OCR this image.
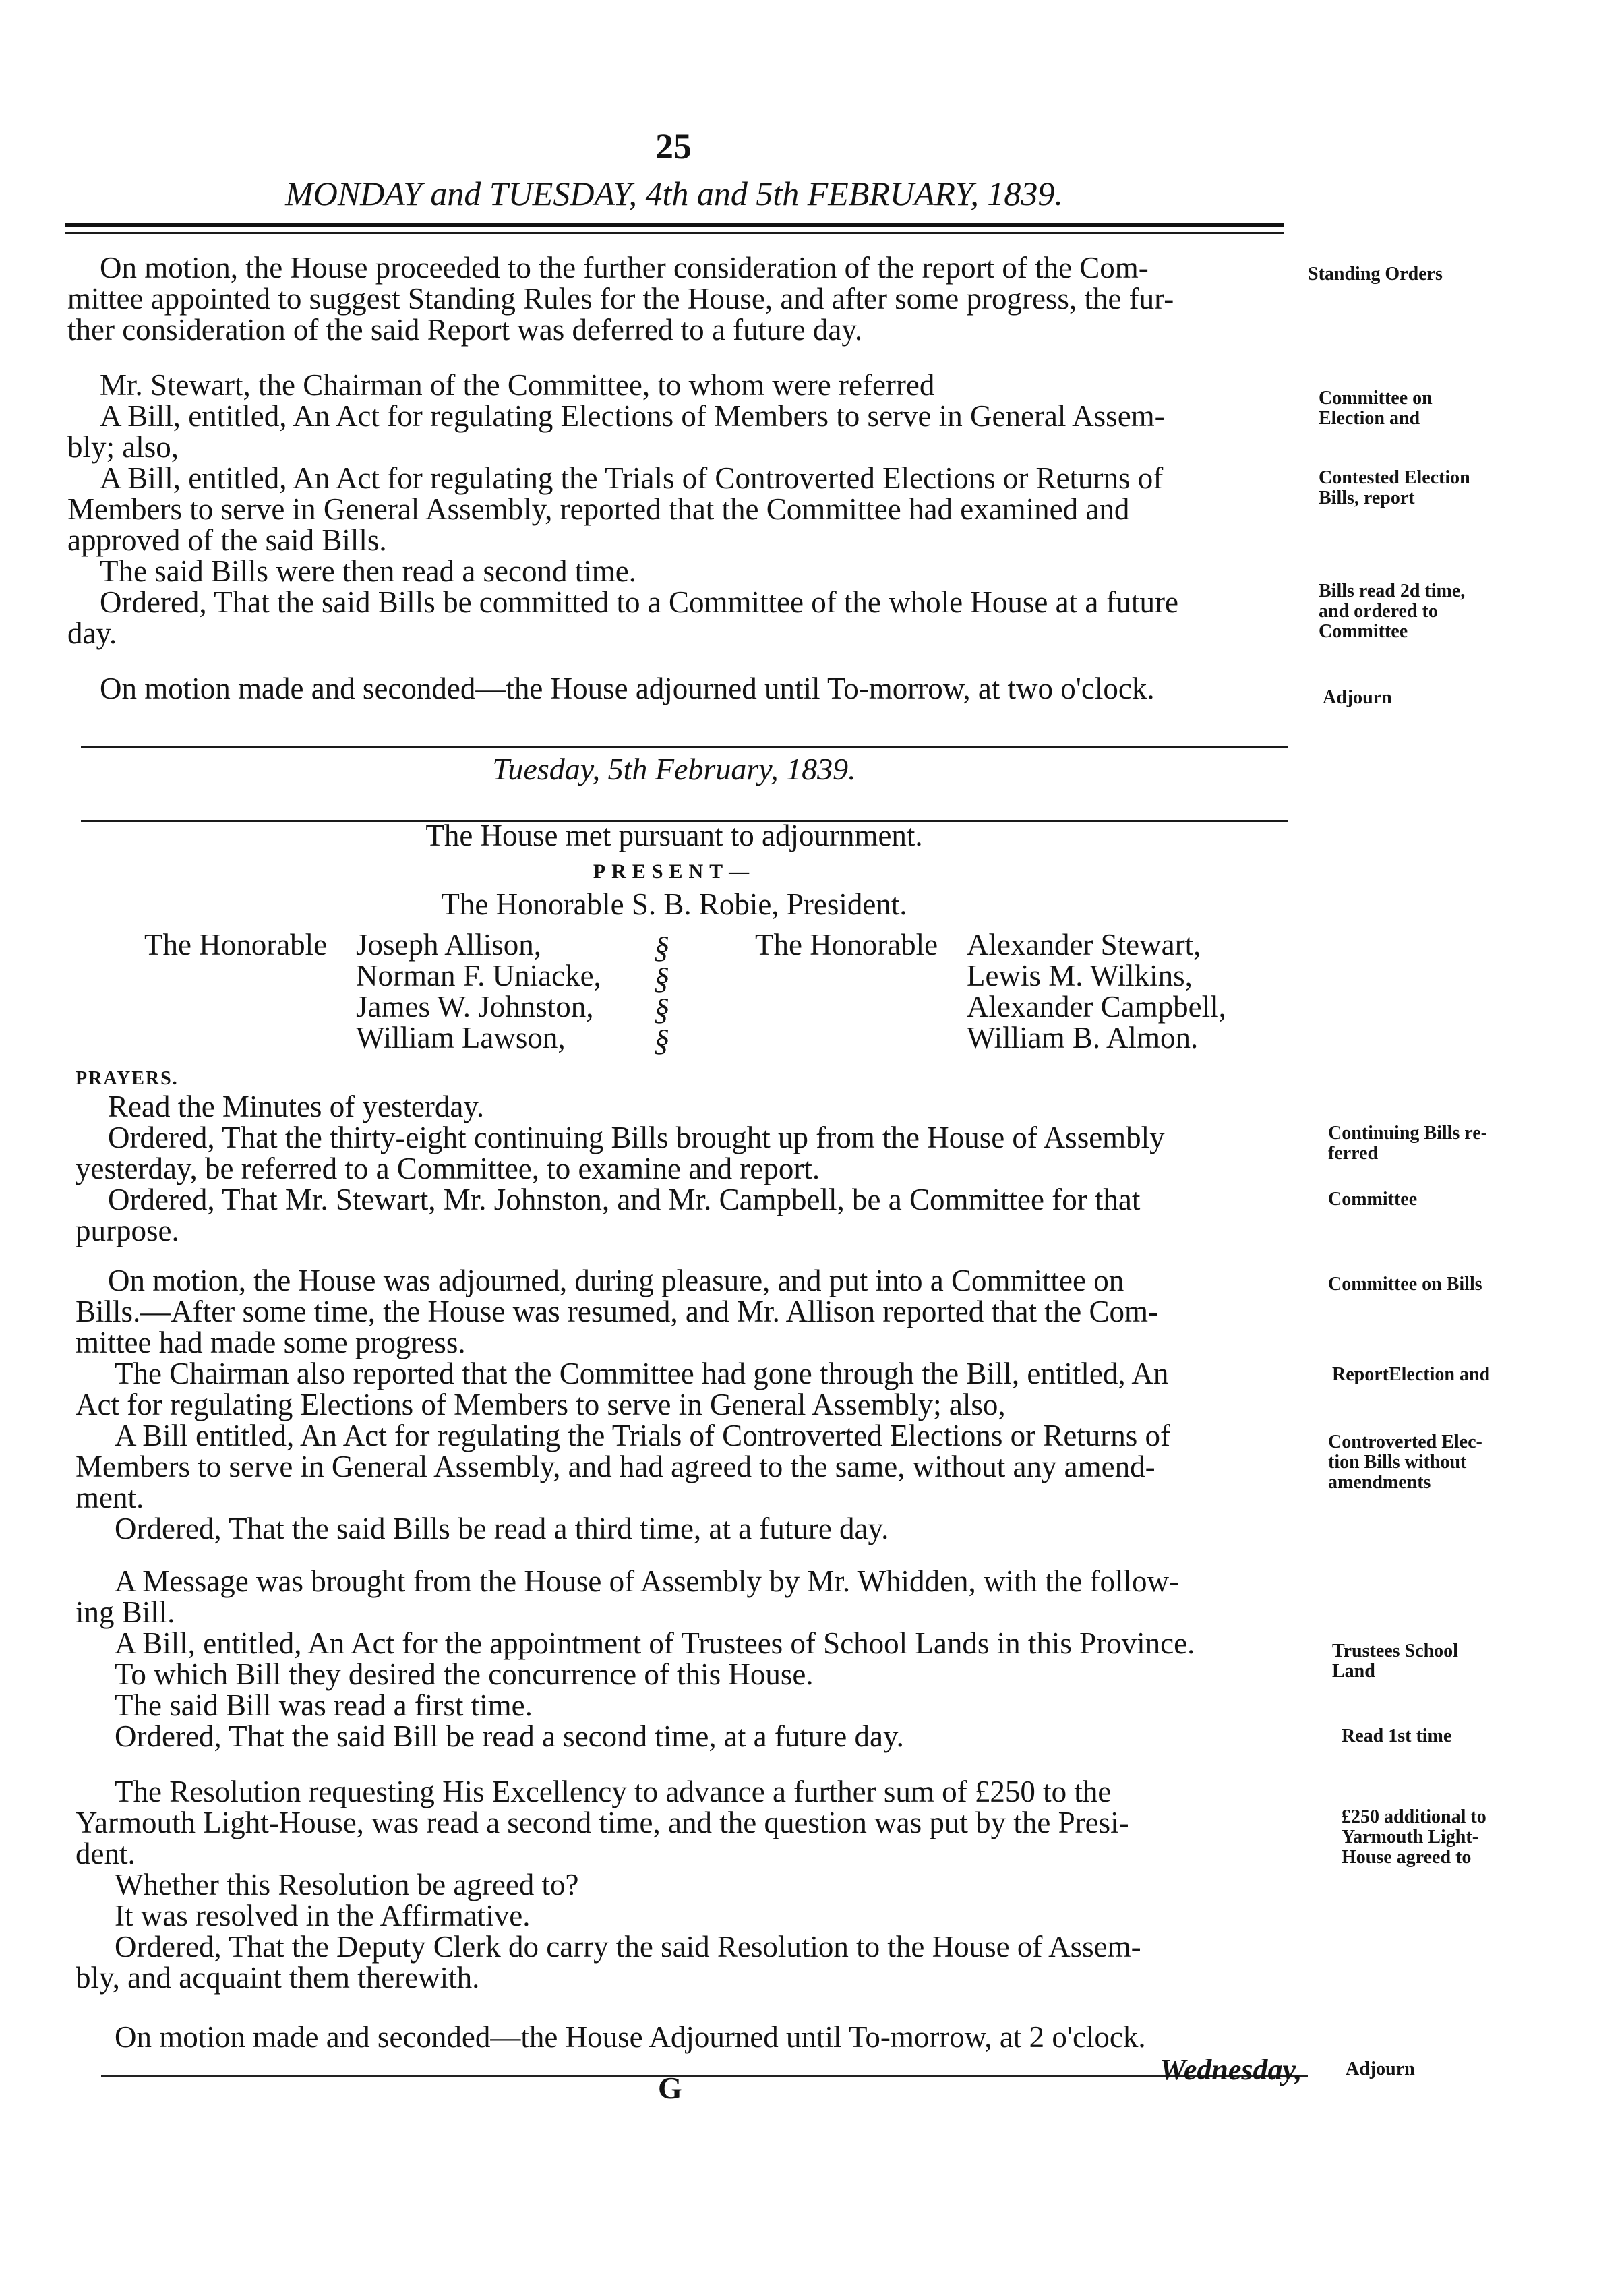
25
MONDAY and TUESDAY, 4th and 5th FEBRUARY, 1839.
On motion, the House proceeded to the further consideration of the report of the Com-
mittee appointed to suggest Standing Rules for the House, and after some progress, the fur-
ther consideration of the said Report was deferred to a future day.
Mr. Stewart, the Chairman of the Committee, to whom were referred
A Bill, entitled, An Act for regulating Elections of Members to serve in General Assem-
bly; also,
A Bill, entitled, An Act for regulating the Trials of Controverted Elections or Returns of
Members to serve in General Assembly, reported that the Committee had examined and
approved of the said Bills.
The said Bills were then read a second time.
Ordered, That the said Bills be committed to a Committee of the whole House at a future
day.
On motion made and seconded—the House adjourned until To-morrow, at two o'clock.
Tuesday, 5th February, 1839.
The House met pursuant to adjournment.
PRESENT—
The Honorable S. B. Robie, President.
The Honorable Joseph Allison,
Norman F. Uniacke,
James W. Johnston,
William Lawson,
§
§
§
§
The Honorable Alexander Stewart,
Lewis M. Wilkins,
Alexander Campbell,
William B. Almon.
PRAYERS.
Read the Minutes of yesterday.
Ordered, That the thirty-eight continuing Bills brought up from the House of Assembly
yesterday, be referred to a Committee, to examine and report.
Ordered, That Mr. Stewart, Mr. Johnston, and Mr. Campbell, be a Committee for that
purpose.
On motion, the House was adjourned, during pleasure, and put into a Committee on
Bills.—After some time, the House was resumed, and Mr. Allison reported that the Com-
mittee had made some progress.
The Chairman also reported that the Committee had gone through the Bill, entitled, An
Act for regulating Elections of Members to serve in General Assembly; also,
A Bill entitled, An Act for regulating the Trials of Controverted Elections or Returns of
Members to serve in General Assembly, and had agreed to the same, without any amend-
ment.
Ordered, That the said Bills be read a third time, at a future day.
A Message was brought from the House of Assembly by Mr. Whidden, with the follow-
ing Bill.
A Bill, entitled, An Act for the appointment of Trustees of School Lands in this Province.
To which Bill they desired the concurrence of this House.
The said Bill was read a first time.
Ordered, That the said Bill be read a second time, at a future day.
The Resolution requesting His Excellency to advance a further sum of £250 to the
Yarmouth Light-House, was read a second time, and the question was put by the Presi-
dent.
Whether this Resolution be agreed to?
It was resolved in the Affirmative.
Ordered, That the Deputy Clerk do carry the said Resolution to the House of Assem-
bly, and acquaint them therewith.
On motion made and seconded—the House Adjourned until To-morrow, at 2 o'clock.
Standing Orders
Committee on
Election and
Contested Election
Bills, report
Bills read 2d time,
and ordered to
Committee
Adjourn
Continuing Bills re-
ferred
Committee
Committee on Bills
ReportElection and
Controverted Elec-
tion Bills without
amendments
Trustees School
Land
Read 1st time
£250 additional to
Yarmouth Light-
House agreed to
Adjourn
G
Wednesday,
